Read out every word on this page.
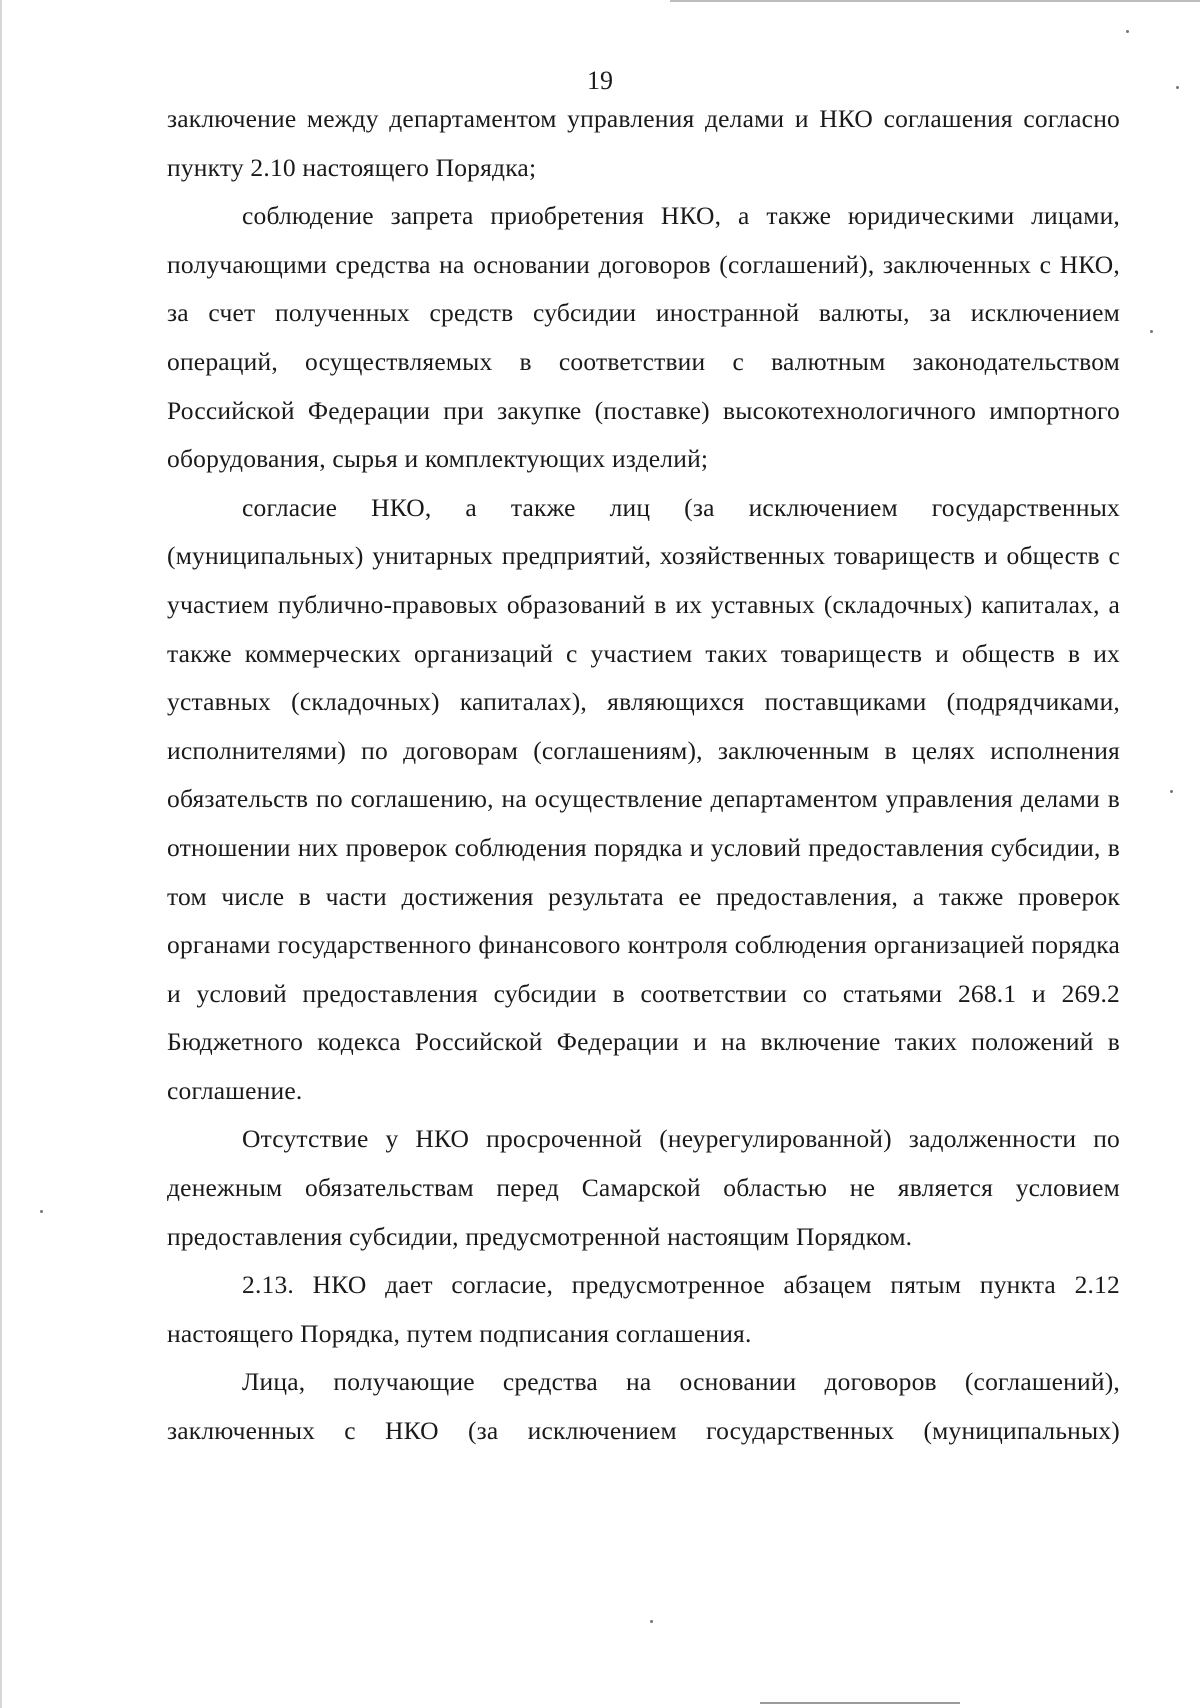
19

заключение между департаментом управления делами и НКО соглашения согласно пункту 2.10 настоящего Порядка;

соблюдение запрета приобретения НКО, а также юридическими лицами, получающими средства на основании договоров (соглашений), заключенных с НКО, за счет полученных средств субсидии иностранной валюты, за исключением операций, осуществляемых в соответствии с валютным законодательством Российской Федерации при закупке (поставке) высокотехнологичного импортного оборудования, сырья и комплектующих изделий;

согласие НКО, а также лиц (за исключением государственных (муниципальных) унитарных предприятий, хозяйственных товариществ и обществ с участием публично-правовых образований в их уставных (складочных) капиталах, а также коммерческих организаций с участием таких товариществ и обществ в их уставных (складочных) капиталах), являющихся поставщиками (подрядчиками, исполнителями) по договорам (соглашениям), заключенным в целях исполнения обязательств по соглашению, на осуществление департаментом управления делами в отношении них проверок соблюдения порядка и условий предоставления субсидии, в том числе в части достижения результата ее предоставления, а также проверок органами государственного финансового контроля соблюдения организацией порядка и условий предоставления субсидии в соответствии со статьями 268.1 и 269.2 Бюджетного кодекса Российской Федерации и на включение таких положений в соглашение.

Отсутствие у НКО просроченной (неурегулированной) задолженности по денежным обязательствам перед Самарской областью не является условием предоставления субсидии, предусмотренной настоящим Порядком.

2.13. НКО дает согласие, предусмотренное абзацем пятым пункта 2.12 настоящего Порядка, путем подписания соглашения.

Лица, получающие средства на основании договоров (соглашений), заключенных с НКО (за исключением государственных (муниципальных)
